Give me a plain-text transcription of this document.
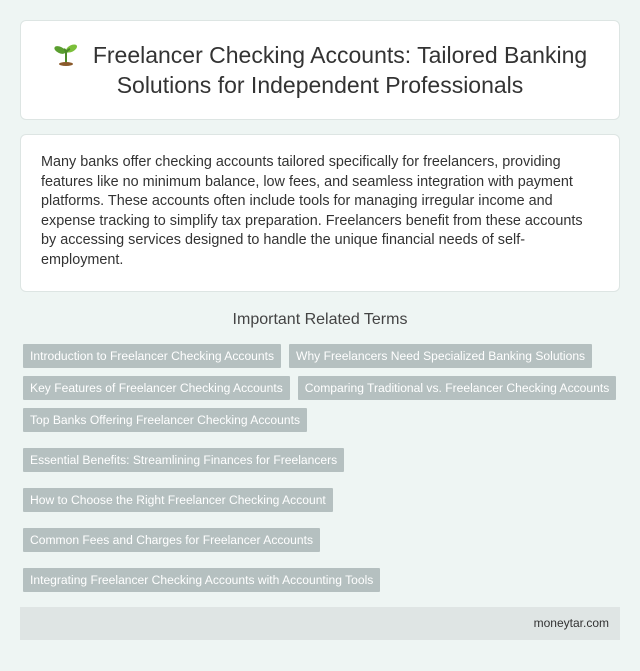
Freelancer Checking Accounts: Tailored Banking Solutions for Independent Professionals

Many banks offer checking accounts tailored specifically for freelancers, providing features like no minimum balance, low fees, and seamless integration with payment platforms. These accounts often include tools for managing irregular income and expense tracking to simplify tax preparation. Freelancers benefit from these accounts by accessing services designed to handle the unique financial needs of self-employment.

Important Related Terms
Introduction to Freelancer Checking Accounts	Why Freelancers Need Specialized Banking Solutions
Key Features of Freelancer Checking Accounts	Comparing Traditional vs. Freelancer Checking Accounts
Top Banks Offering Freelancer Checking Accounts
Essential Benefits: Streamlining Finances for Freelancers
How to Choose the Right Freelancer Checking Account
Common Fees and Charges for Freelancer Accounts
Integrating Freelancer Checking Accounts with Accounting Tools
moneytar.com
